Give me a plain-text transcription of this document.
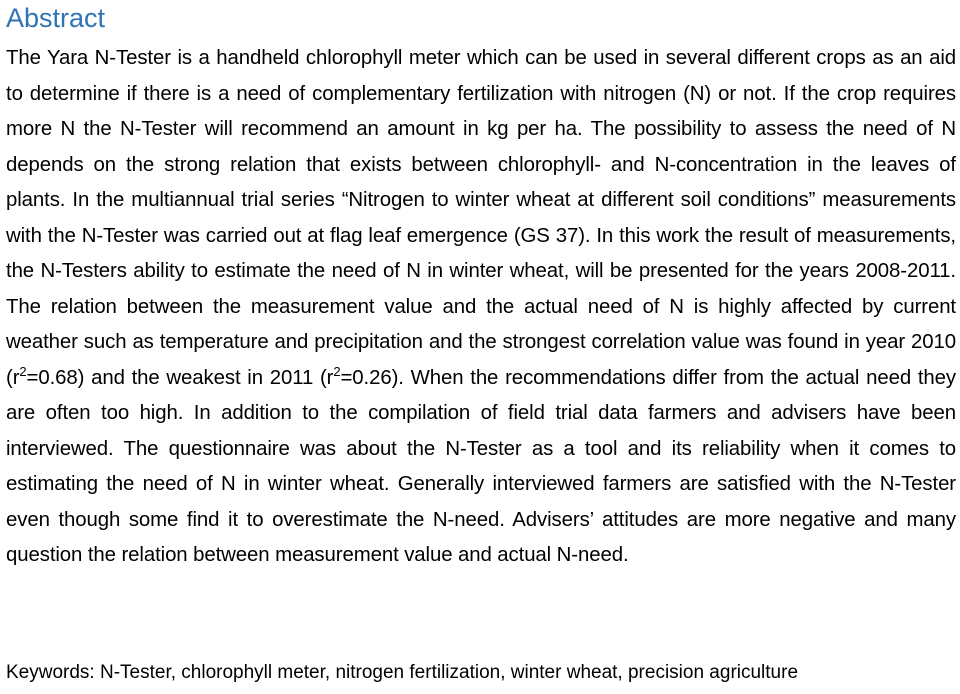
Abstract

The Yara N-Tester is a handheld chlorophyll meter which can be used in several different crops as an aid to determine if there is a need of complementary fertilization with nitrogen (N) or not. If the crop requires more N the N-Tester will recommend an amount in kg per ha. The possibility to assess the need of N depends on the strong relation that exists between chlorophyll- and N-concentration in the leaves of plants. In the multiannual trial series “Nitrogen to winter wheat at different soil conditions” measurements with the N-Tester was carried out at flag leaf emergence (GS 37). In this work the result of measurements, the N-Testers ability to estimate the need of N in winter wheat, will be presented for the years 2008-2011. The relation between the measurement value and the actual need of N is highly affected by current weather such as temperature and precipitation and the strongest correlation value was found in year 2010 $(r^2=0.68)$ and the weakest in 2011 $(r^2=0.26)$. When the recommendations differ from the actual need they are often too high. In addition to the compilation of field trial data farmers and advisers have been interviewed. The questionnaire was about the N-Tester as a tool and its reliability when it comes to estimating the need of N in winter wheat. Generally interviewed farmers are satisfied with the N-Tester even though some find it to overestimate the N-need. Advisers’ attitudes are more negative and many question the relation between measurement value and actual N-need.

Keywords: N-Tester, chlorophyll meter, nitrogen fertilization, winter wheat, precision agriculture
